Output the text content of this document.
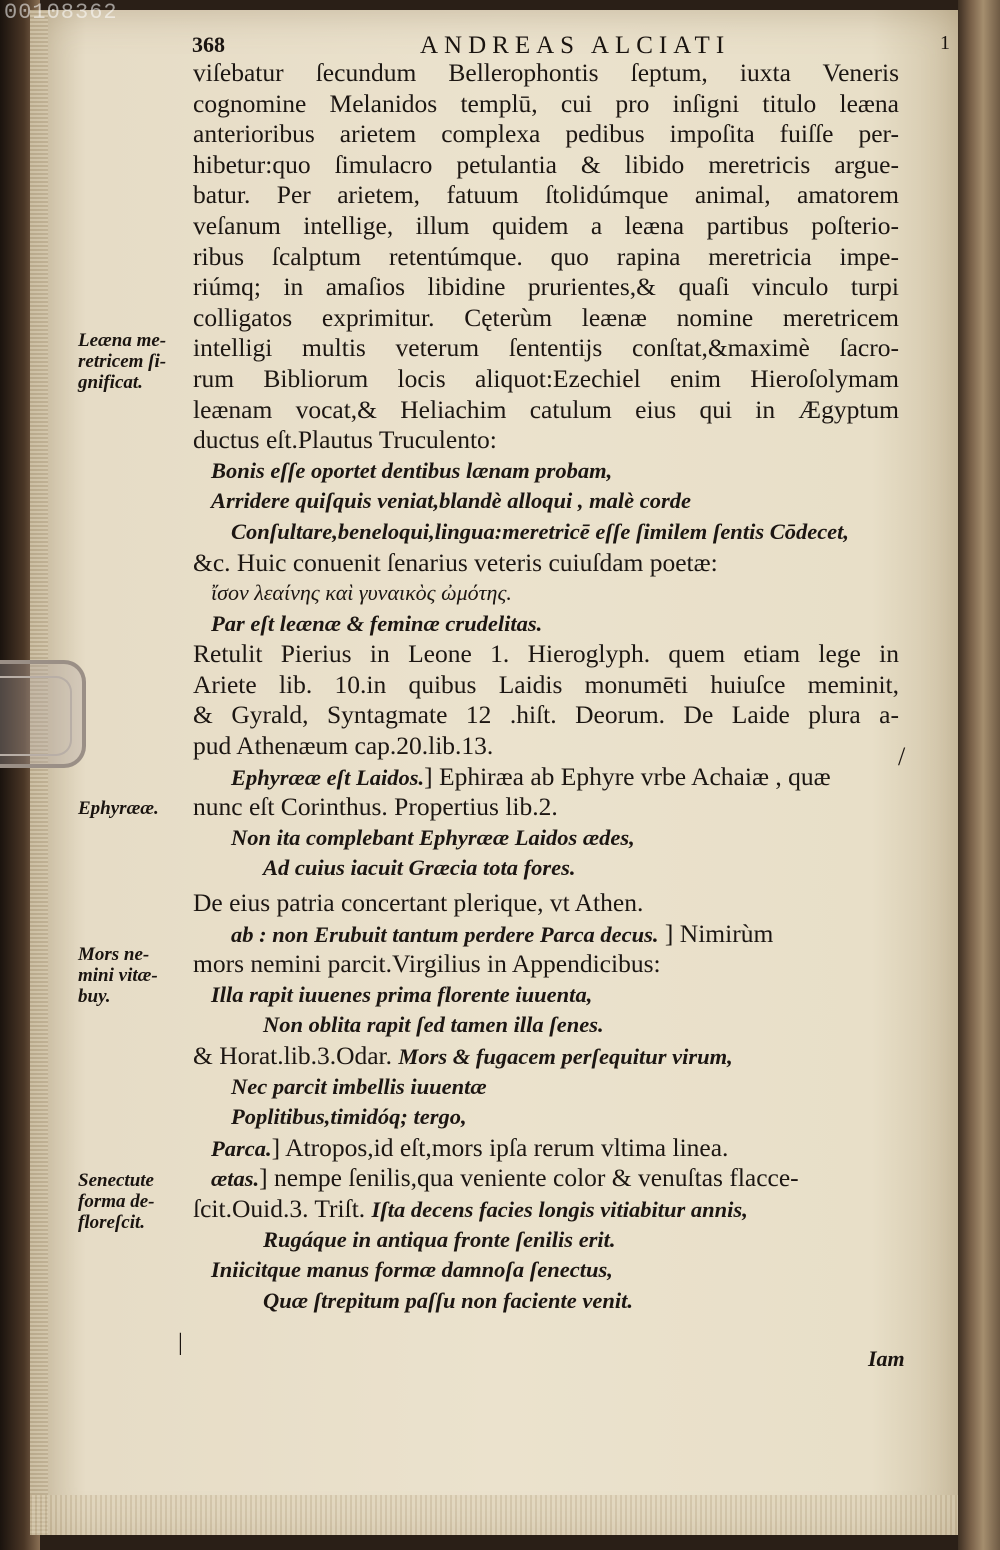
00108362
368	ANDREAS ALCIATI	1
Leæna me-
retricem ſi-
gnificat.
Ephyrææ.
Mors ne-
mini vitæ-
buy.
Senectute
forma de-
floreſcit.
viſebatur ſecundum Bellerophontis ſeptum, iuxta Veneris
cognomine Melanidos templū, cui pro inſigni titulo leæna
anterioribus arietem complexa pedibus impoſita fuiſſe per-
hibetur:quo ſimulacro petulantia & libido meretricis argue-
batur. Per arietem, fatuum ſtolidúmque animal, amatorem
veſanum intellige, illum quidem a leæna partibus poſterio-
ribus ſcalptum retentúmque. quo rapina meretricia impe-
riúmq; in amaſios libidine prurientes,& quaſi vinculo turpi
colligatos exprimitur. Cęterùm leænæ nomine meretricem
intelligi multis veterum ſententijs conſtat,&maximè ſacro-
rum Bibliorum locis aliquot:Ezechiel enim Hieroſolymam
leænam vocat,& Heliachim catulum eius qui in Ægyptum
ductus eſt.Plautus Truculento:
Bonis eſſe oportet dentibus lænam probam,
Arridere quiſquis veniat,blandè alloqui , malè corde
Conſultare,beneloqui,lingua:meretricē eſſe ſimilem ſentis Cōdecet,
&c. Huic conuenit ſenarius veteris cuiuſdam poetæ:
ἴσον λεαίνης καὶ γυναικὸς ὠμότης.
Par eſt leænæ & feminæ crudelitas.
Retulit Pierius in Leone 1. Hieroglyph. quem etiam lege in
Ariete lib. 10.in quibus Laidis monumēti huiuſce meminit,
& Gyrald, Syntagmate 12 .hiſt. Deorum. De Laide plura a-
pud Athenæum cap.20.lib.13.
Ephyrææ eſt Laidos.] Ephiræa ab Ephyre vrbe Achaiæ , quæ
nunc eſt Corinthus. Propertius lib.2.
Non ita complebant Ephyrææ Laidos ædes,
Ad cuius iacuit Græcia tota fores.
De eius patria concertant plerique, vt Athen.
ab : non Erubuit tantum perdere Parca decus. ] Nimirùm
mors nemini parcit.Virgilius in Appendicibus:
Illa rapit iuuenes prima florente iuuenta,
Non oblita rapit ſed tamen illa ſenes.
& Horat.lib.3.Odar. Mors & fugacem perſequitur virum,
Nec parcit imbellis iuuentæ
Poplitibus,timidóq; tergo,
Parca.] Atropos,id eſt,mors ipſa rerum vltima linea.
ætas.] nempe ſenilis,qua veniente color & venuſtas flacce-
ſcit.Ouid.3. Triſt. Iſta decens facies longis vitiabitur annis,
Rugáque in antiqua fronte ſenilis erit.
Iniicitque manus formæ damnoſa ſenectus,
Quæ ſtrepitum paſſu non faciente venit.
|
/
Iam
